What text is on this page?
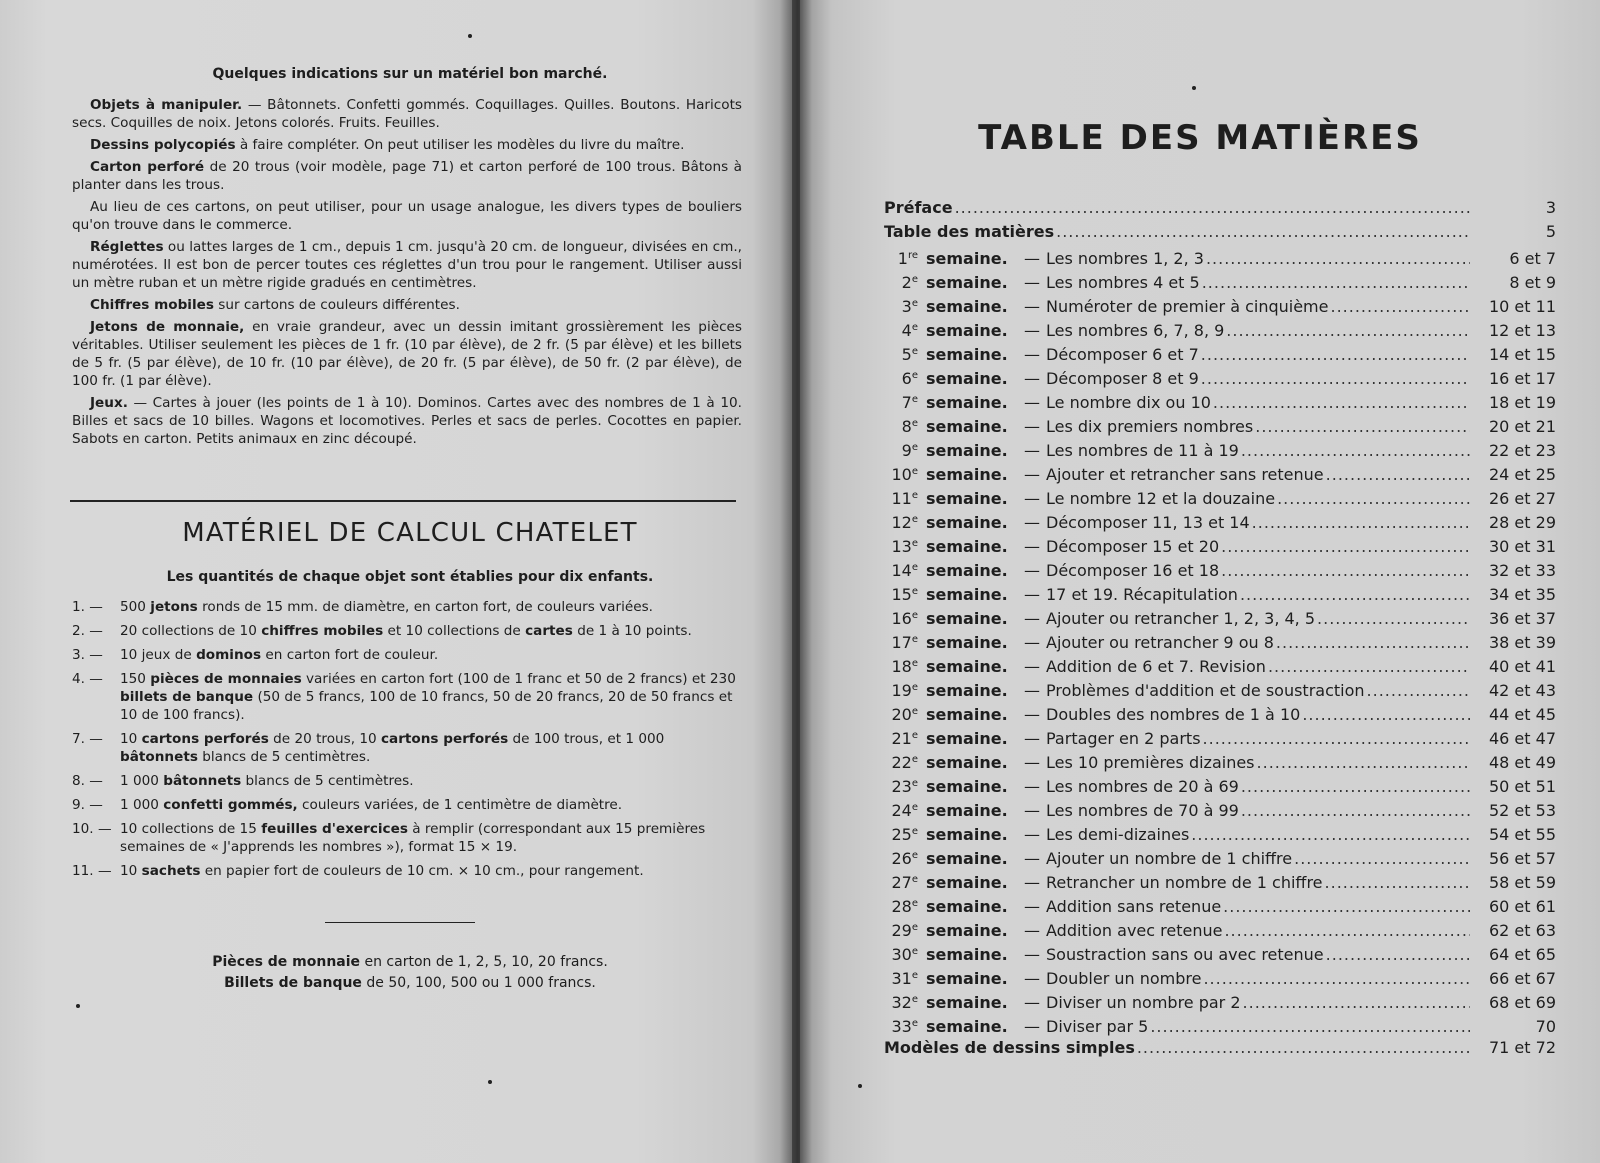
Quelques indications sur un matériel bon marché.

Objets à manipuler. — Bâtonnets. Confetti gommés. Coquillages. Quilles. Boutons. Haricots secs. Coquilles de noix. Jetons colorés. Fruits. Feuilles.

Dessins polycopiés à faire compléter. On peut utiliser les modèles du livre du maître.

Carton perforé de 20 trous (voir modèle, page 71) et carton perforé de 100 trous. Bâtons à planter dans les trous.

Au lieu de ces cartons, on peut utiliser, pour un usage analogue, les divers types de bouliers qu'on trouve dans le commerce.

Réglettes ou lattes larges de 1 cm., depuis 1 cm. jusqu'à 20 cm. de longueur, divisées en cm., numérotées. Il est bon de percer toutes ces réglettes d'un trou pour le rangement. Utiliser aussi un mètre ruban et un mètre rigide gradués en centimètres.

Chiffres mobiles sur cartons de couleurs différentes.

Jetons de monnaie, en vraie grandeur, avec un dessin imitant grossièrement les pièces véritables. Utiliser seulement les pièces de 1 fr. (10 par élève), de 2 fr. (5 par élève) et les billets de 5 fr. (5 par élève), de 10 fr. (10 par élève), de 20 fr. (5 par élève), de 50 fr. (2 par élève), de 100 fr. (1 par élève).

Jeux. — Cartes à jouer (les points de 1 à 10). Dominos. Cartes avec des nombres de 1 à 10. Billes et sacs de 10 billes. Wagons et locomotives. Perles et sacs de perles. Cocottes en papier. Sabots en carton. Petits animaux en zinc découpé.

MATÉRIEL DE CALCUL CHATELET
Les quantités de chaque objet sont établies pour dix enfants.
1. —	500 jetons ronds de 15 mm. de diamètre, en carton fort, de couleurs variées.
2. —	20 collections de 10 chiffres mobiles et 10 collections de cartes de 1 à 10 points.
3. —	10 jeux de dominos en carton fort de couleur.
4. —	150 pièces de monnaies variées en carton fort (100 de 1 franc et 50 de 2 francs) et 230 billets de banque (50 de 5 francs, 100 de 10 francs, 50 de 20 francs, 20 de 50 francs et 10 de 100 francs).
7. —	10 cartons perforés de 20 trous, 10 cartons perforés de 100 trous, et 1 000 bâtonnets blancs de 5 centimètres.
8. —	1 000 bâtonnets blancs de 5 centimètres.
9. —	1 000 confetti gommés, couleurs variées, de 1 centimètre de diamètre.
10. — 10 collections de 15 feuilles d'exercices à remplir (correspondant aux 15 premières semaines de « J'apprends les nombres »), format 15 × 19.
11. — 10 sachets en papier fort de couleurs de 10 cm. × 10 cm., pour rangement.
Pièces de monnaie en carton de 1, 2, 5, 10, 20 francs.
Billets de banque de 50, 100, 500 ou 1 000 francs.
TABLE DES MATIÈRES
Préface .....	3
Table des matières .....	5
1re semaine.	— Les nombres 1, 2, 3 .....	6 et 7
2e semaine.	— Les nombres 4 et 5 .....	8 et 9
3e semaine.	— Numéroter de premier à cinquième .....	10 et 11
4e semaine.	— Les nombres 6, 7, 8, 9 .....	12 et 13
5e semaine.	— Décomposer 6 et 7 .....	14 et 15
6e semaine.	— Décomposer 8 et 9 .....	16 et 17
7e semaine.	— Le nombre dix ou 10 .....	18 et 19
8e semaine.	— Les dix premiers nombres .....	20 et 21
9e semaine.	— Les nombres de 11 à 19 .....	22 et 23
10e semaine.	— Ajouter et retrancher sans retenue .....	24 et 25
11e semaine.	— Le nombre 12 et la douzaine .....	26 et 27
12e semaine.	— Décomposer 11, 13 et 14 .....	28 et 29
13e semaine.	— Décomposer 15 et 20 .....	30 et 31
14e semaine.	— Décomposer 16 et 18 .....	32 et 33
15e semaine.	— 17 et 19. Récapitulation .....	34 et 35
16e semaine.	— Ajouter ou retrancher 1, 2, 3, 4, 5 .....	36 et 37
17e semaine.	— Ajouter ou retrancher 9 ou 8 .....	38 et 39
18e semaine.	— Addition de 6 et 7. Revision .....	40 et 41
19e semaine.	— Problèmes d'addition et de soustraction .....	42 et 43
20e semaine.	— Doubles des nombres de 1 à 10 .....	44 et 45
21e semaine.	— Partager en 2 parts .....	46 et 47
22e semaine.	— Les 10 premières dizaines .....	48 et 49
23e semaine.	— Les nombres de 20 à 69 .....	50 et 51
24e semaine.	— Les nombres de 70 à 99 .....	52 et 53
25e semaine.	— Les demi-dizaines .....	54 et 55
26e semaine.	— Ajouter un nombre de 1 chiffre .....	56 et 57
27e semaine.	— Retrancher un nombre de 1 chiffre .....	58 et 59
28e semaine.	— Addition sans retenue .....	60 et 61
29e semaine.	— Addition avec retenue .....	62 et 63
30e semaine.	— Soustraction sans ou avec retenue .....	64 et 65
31e semaine.	— Doubler un nombre .....	66 et 67
32e semaine.	— Diviser un nombre par 2 .....	68 et 69
33e semaine.	— Diviser par 5 .....	70
Modèles de dessins simples .....	71 et 72
